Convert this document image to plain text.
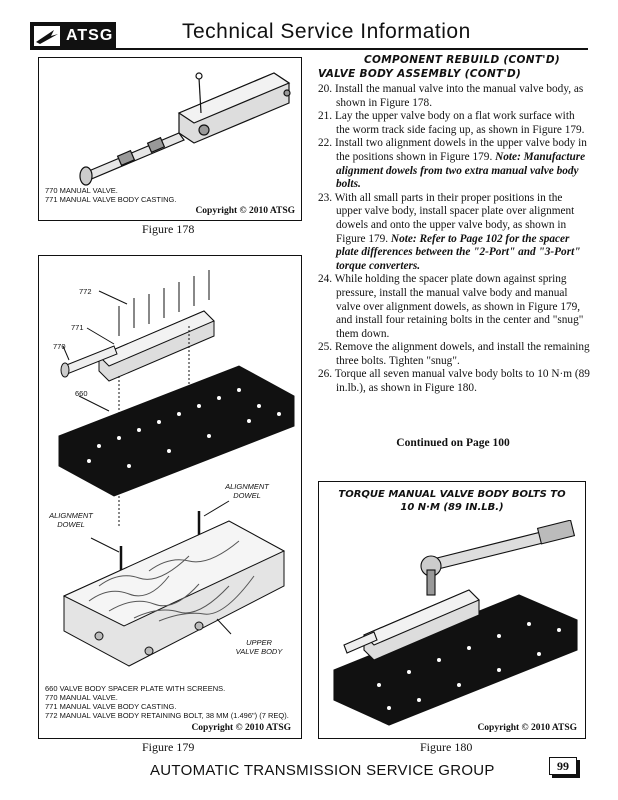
ATSG	Technical Service Information
770 MANUAL VALVE.
771 MANUAL VALVE BODY CASTING.
Copyright © 2010 ATSG
Figure 178
772
771
770
660
ALIGNMENT
DOWEL
ALIGNMENT
DOWEL
UPPER
VALVE BODY
660 VALVE BODY SPACER PLATE WITH SCREENS.
770 MANUAL VALVE.
771 MANUAL VALVE BODY CASTING.
772 MANUAL VALVE BODY RETAINING BOLT, 38 MM (1.496") (7 REQ).
Copyright © 2010 ATSG
Figure 179
COMPONENT REBUILD (CONT'D)
VALVE BODY ASSEMBLY (CONT'D)

20. Install the manual valve into the manual valve body, as shown in Figure 178.

21. Lay the upper valve body on a flat work surface with the worm track side facing up, as shown in Figure 179.

22. Install two alignment dowels in the upper valve body in the positions shown in Figure 179. Note: Manufacture alignment dowels from two extra manual valve body bolts.

23. With all small parts in their proper positions in the upper valve body, install spacer plate over alignment dowels and onto the upper valve body, as shown in Figure 179. Note: Refer to Page 102 for the spacer plate differences between the "2-Port" and "3-Port" torque converters.

24. While holding the spacer plate down against spring pressure, install the manual valve body and manual valve over alignment dowels, as shown in Figure 179, and install four retaining bolts in the center and "snug" them down.

25. Remove the alignment dowels, and install the remaining three bolts. Tighten "snug".

26. Torque all seven manual valve body bolts to 10 N·m (89 in.lb.), as shown in Figure 180.

Continued on Page 100
TORQUE MANUAL VALVE BODY BOLTS TO
10 N·M (89 IN.LB.)
Copyright © 2010 ATSG
Figure 180
AUTOMATIC TRANSMISSION SERVICE GROUP	99
